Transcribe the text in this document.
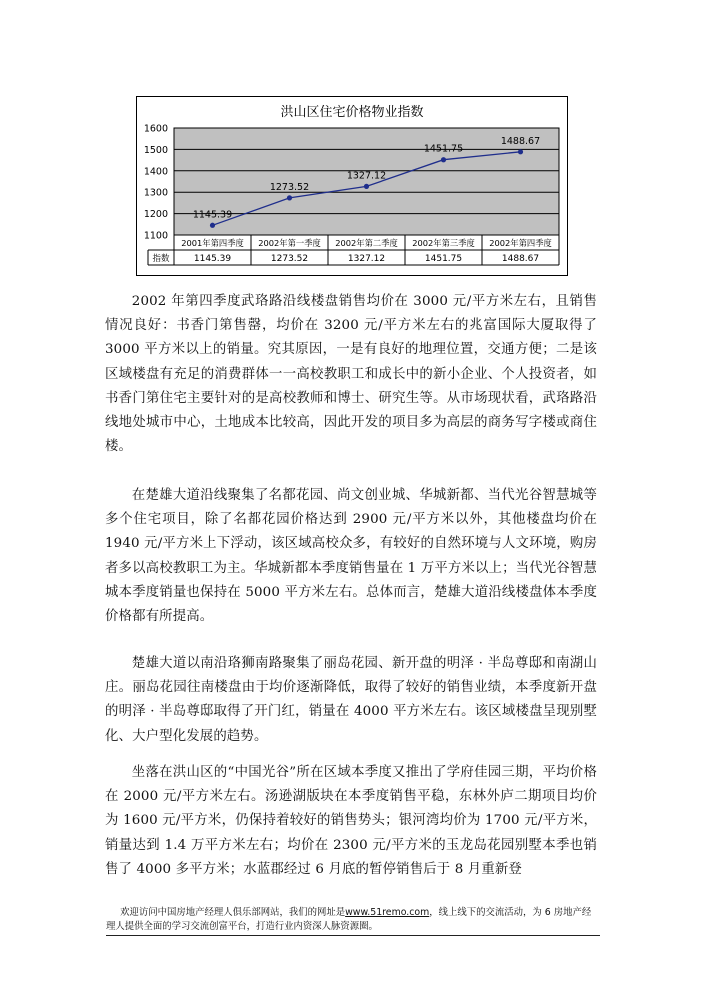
洪山区住宅价格物业指数
1100
1200
1300
1400
1500
1600
1145.39
1273.52
1327.12
1451.75
1488.67
2001年第四季度 2002年第一季度 2002年第二季度 2002年第三季度 2002年第四季度
指数	1145.39	1273.52	1327.12	1451.75	1488.67

2002 年第四季度武珞路沿线楼盘销售均价在 3000 元/平方米左右，且销售情况良好：书香门第售罄，均价在 3200 元/平方米左右的兆富国际大厦取得了 3000 平方米以上的销量。究其原因，一是有良好的地理位置，交通方便；二是该区域楼盘有充足的消费群体一一高校教职工和成长中的新小企业、个人投资者，如书香门第住宅主要针对的是高校教师和博士、研究生等。从市场现状看，武珞路沿线地处城市中心，土地成本比较高，因此开发的项目多为高层的商务写字楼或商住楼。

在楚雄大道沿线聚集了名都花园、尚文创业城、华城新都、当代光谷智慧城等多个住宅项目，除了名都花园价格达到 2900 元/平方米以外，其他楼盘均价在 1940 元/平方米上下浮动，该区域高校众多，有较好的自然环境与人文环境，购房者多以高校教职工为主。华城新都本季度销售量在 1 万平方米以上；当代光谷智慧城本季度销量也保持在 5000 平方米左右。总体而言，楚雄大道沿线楼盘体本季度价格都有所提高。

楚雄大道以南沿珞狮南路聚集了丽岛花园、新开盘的明泽 · 半岛尊邸和南湖山庄。丽岛花园往南楼盘由于均价逐渐降低，取得了较好的销售业绩，本季度新开盘的明泽 · 半岛尊邸取得了开门红，销量在 4000 平方米左右。该区域楼盘呈现别墅化、大户型化发展的趋势。

坐落在洪山区的“中国光谷”所在区域本季度又推出了学府佳园三期，平均价格在 2000 元/平方米左右。汤逊湖版块在本季度销售平稳，东林外庐二期项目均价为 1600 元/平方米，仍保持着较好的销售势头；银河湾均价为 1700 元/平方米，销量达到 1.4 万平方米左右；均价在 2300 元/平方米的玉龙岛花园别墅本季也销售了 4000 多平方米；水蓝郡经过 6 月底的暂停销售后于 8 月重新登

欢迎访问中国房地产经理人俱乐部网站，我们的网址是www.51remo.com，线上线下的交流活动，为 6 房地产经理人提供全面的学习交流创富平台，打造行业内资深人脉资源圈。
